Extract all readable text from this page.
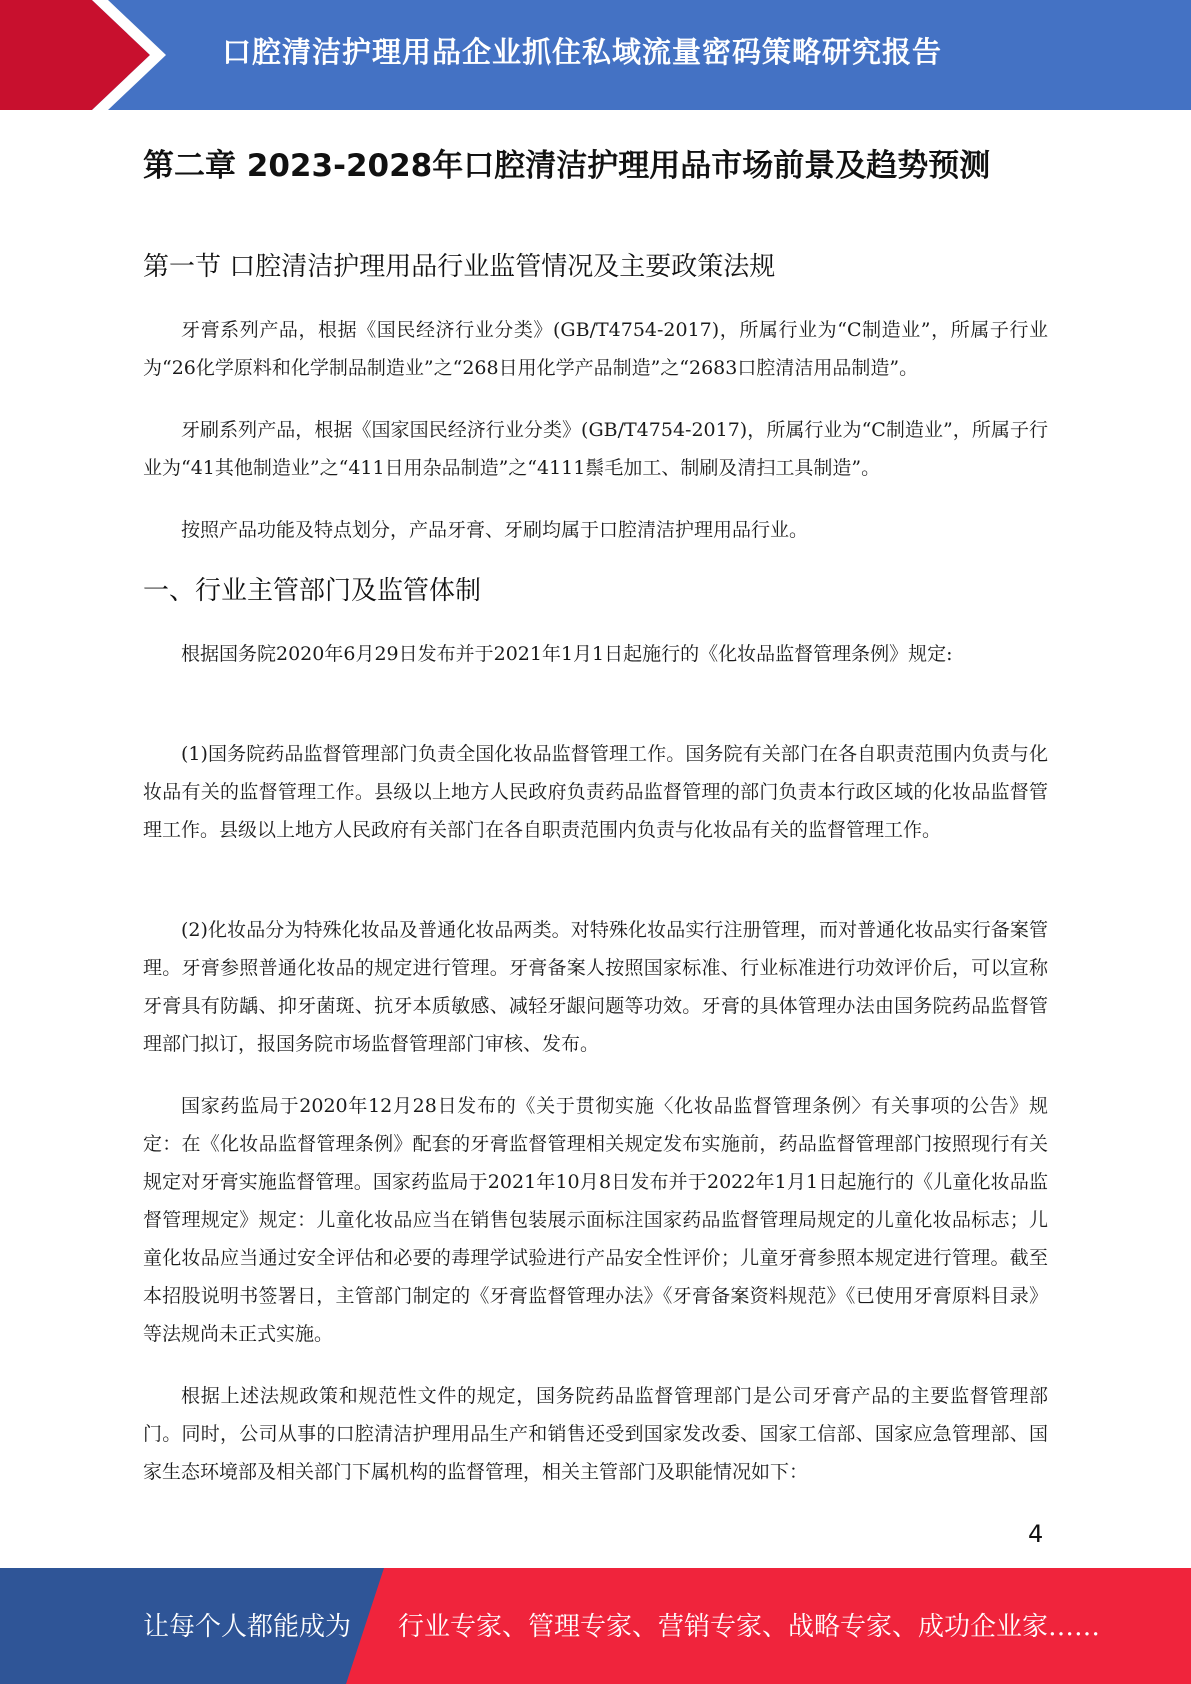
口腔清洁护理用品企业抓住私域流量密码策略研究报告
第二章 2023-2028年口腔清洁护理用品市场前景及趋势预测
第一节 口腔清洁护理用品行业监管情况及主要政策法规

牙膏系列产品，根据《国民经济行业分类》(GB/T4754-2017)，所属行业为“C制造业”，所属子行业为“26化学原料和化学制品制造业”之“268日用化学产品制造”之“2683口腔清洁用品制造”。

牙刷系列产品，根据《国家国民经济行业分类》(GB/T4754-2017)，所属行业为“C制造业”，所属子行业为“41其他制造业”之“411日用杂品制造”之“4111鬃毛加工、制刷及清扫工具制造”。

按照产品功能及特点划分，产品牙膏、牙刷均属于口腔清洁护理用品行业。

一、行业主管部门及监管体制

根据国务院2020年6月29日发布并于2021年1月1日起施行的《化妆品监督管理条例》规定:

(1)国务院药品监督管理部门负责全国化妆品监督管理工作。国务院有关部门在各自职责范围内负责与化妆品有关的监督管理工作。县级以上地方人民政府负责药品监督管理的部门负责本行政区域的化妆品监督管理工作。县级以上地方人民政府有关部门在各自职责范围内负责与化妆品有关的监督管理工作。

(2)化妆品分为特殊化妆品及普通化妆品两类。对特殊化妆品实行注册管理，而对普通化妆品实行备案管理。牙膏参照普通化妆品的规定进行管理。牙膏备案人按照国家标准、行业标准进行功效评价后，可以宣称牙膏具有防龋、抑牙菌斑、抗牙本质敏感、减轻牙龈问题等功效。牙膏的具体管理办法由国务院药品监督管理部门拟订，报国务院市场监督管理部门审核、发布。

国家药监局于2020年12月28日发布的《关于贯彻实施〈化妆品监督管理条例〉有关事项的公告》规定：在《化妆品监督管理条例》配套的牙膏监督管理相关规定发布实施前，药品监督管理部门按照现行有关规定对牙膏实施监督管理。国家药监局于2021年10月8日发布并于2022年1月1日起施行的《儿童化妆品监督管理规定》规定：儿童化妆品应当在销售包装展示面标注国家药品监督管理局规定的儿童化妆品标志；儿童化妆品应当通过安全评估和必要的毒理学试验进行产品安全性评价；儿童牙膏参照本规定进行管理。截至本招股说明书签署日，主管部门制定的《牙膏监督管理办法》《牙膏备案资料规范》《已使用牙膏原料目录》等法规尚未正式实施。

根据上述法规政策和规范性文件的规定，国务院药品监督管理部门是公司牙膏产品的主要监督管理部门。同时，公司从事的口腔清洁护理用品生产和销售还受到国家发改委、国家工信部、国家应急管理部、国家生态环境部及相关部门下属机构的监督管理，相关主管部门及职能情况如下：

4
让每个人都能成为 行业专家、管理专家、营销专家、战略专家、成功企业家……
